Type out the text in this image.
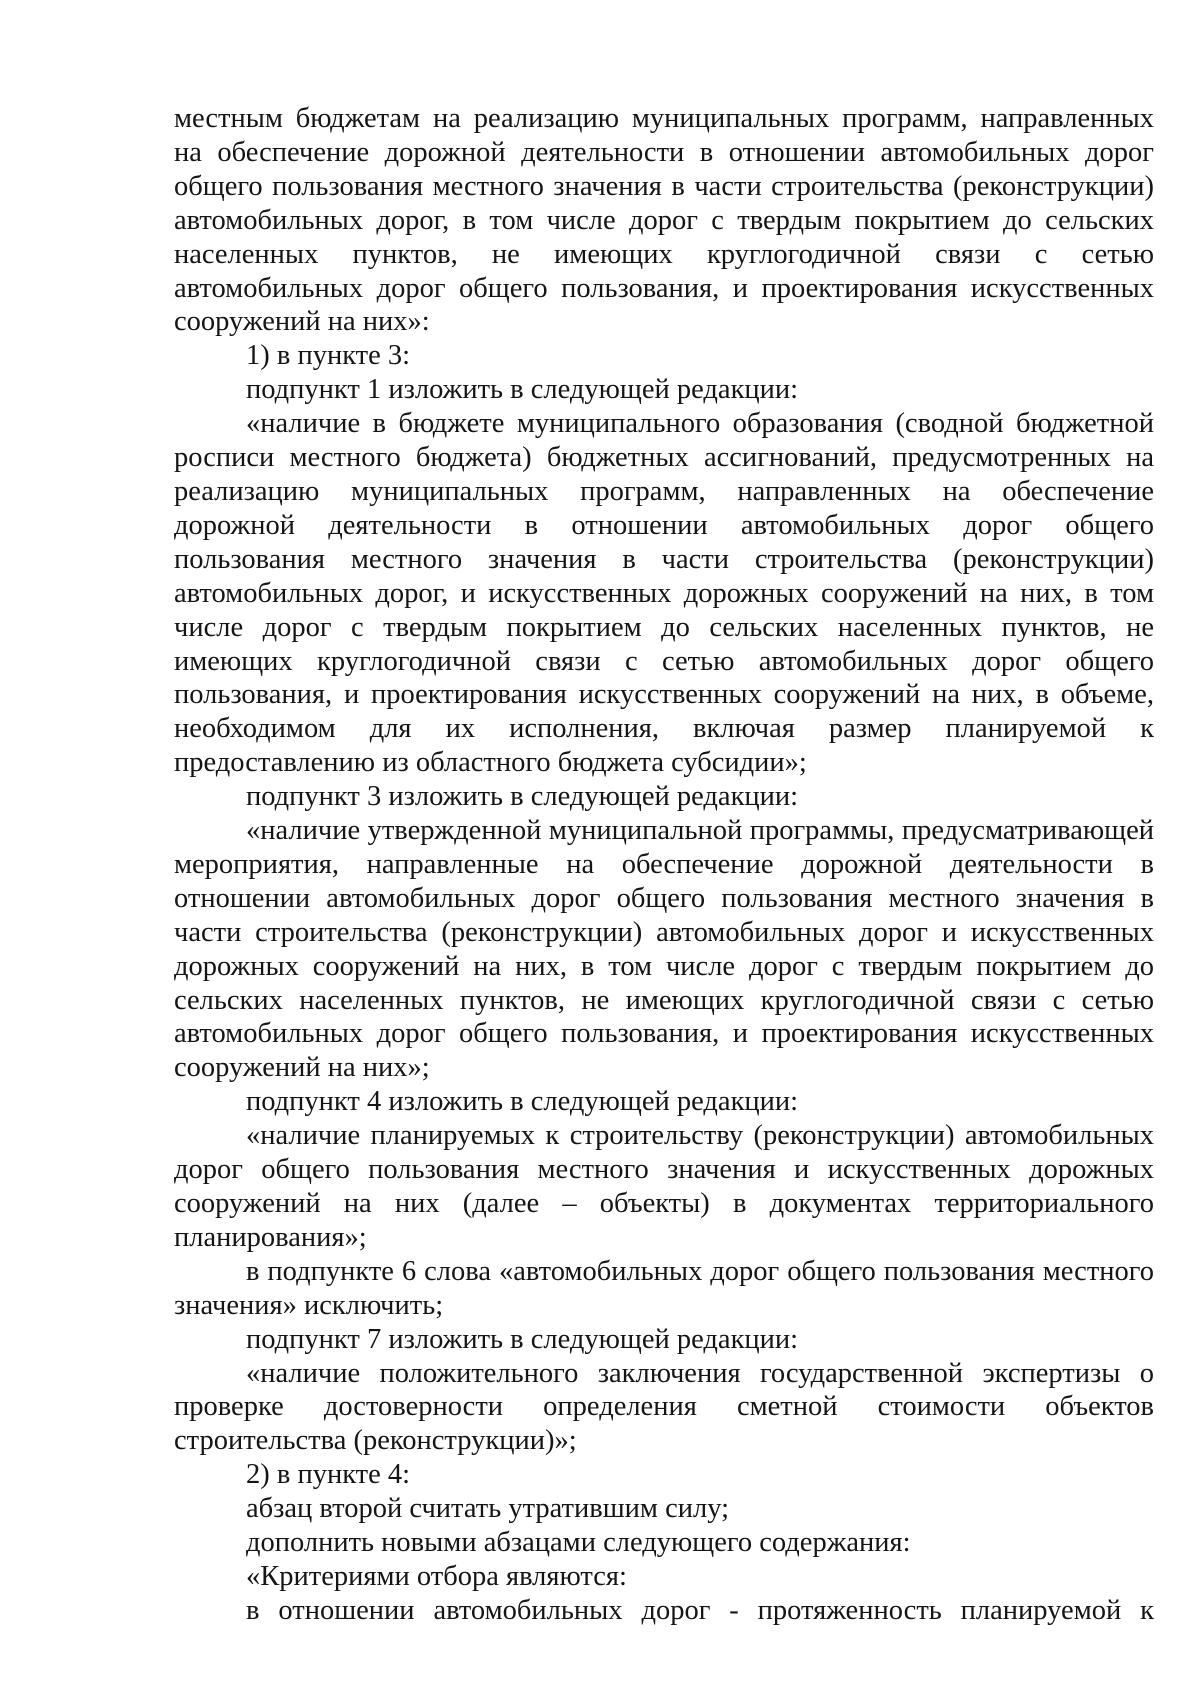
местным бюджетам на реализацию муниципальных программ, направленных на обеспечение дорожной деятельности в отношении автомобильных дорог общего пользования местного значения в части строительства (реконструкции) автомобильных дорог, в том числе дорог с твердым покрытием до сельских населенных пунктов, не имеющих круглогодичной связи с сетью автомобильных дорог общего пользования, и проектирования искусственных сооружений на них»:

1) в пункте 3:

подпункт 1 изложить в следующей редакции:

«наличие в бюджете муниципального образования (сводной бюджетной росписи местного бюджета) бюджетных ассигнований, предусмотренных на реализацию муниципальных программ, направленных на обеспечение дорожной деятельности в отношении автомобильных дорог общего пользования местного значения в части строительства (реконструкции) автомобильных дорог, и искусственных дорожных сооружений на них, в том числе дорог с твердым покрытием до сельских населенных пунктов, не имеющих круглогодичной связи с сетью автомобильных дорог общего пользования, и проектирования искусственных сооружений на них, в объеме, необходимом для их исполнения, включая размер планируемой к предоставлению из областного бюджета субсидии»;

подпункт 3 изложить в следующей редакции:

«наличие утвержденной муниципальной программы, предусматривающей мероприятия, направленные на обеспечение дорожной деятельности в отношении автомобильных дорог общего пользования местного значения в части строительства (реконструкции) автомобильных дорог и искусственных дорожных сооружений на них, в том числе дорог с твердым покрытием до сельских населенных пунктов, не имеющих круглогодичной связи с сетью автомобильных дорог общего пользования, и проектирования искусственных сооружений на них»;

подпункт 4 изложить в следующей редакции:

«наличие планируемых к строительству (реконструкции) автомобильных дорог общего пользования местного значения и искусственных дорожных сооружений на них (далее – объекты) в документах территориального планирования»;

в подпункте 6 слова «автомобильных дорог общего пользования местного значения» исключить;

подпункт 7 изложить в следующей редакции:

«наличие положительного заключения государственной экспертизы о проверке достоверности определения сметной стоимости объектов строительства (реконструкции)»;

2) в пункте 4:

абзац второй считать утратившим силу;

дополнить новыми абзацами следующего содержания:

«Критериями отбора являются:

в отношении автомобильных дорог - протяженность планируемой к
